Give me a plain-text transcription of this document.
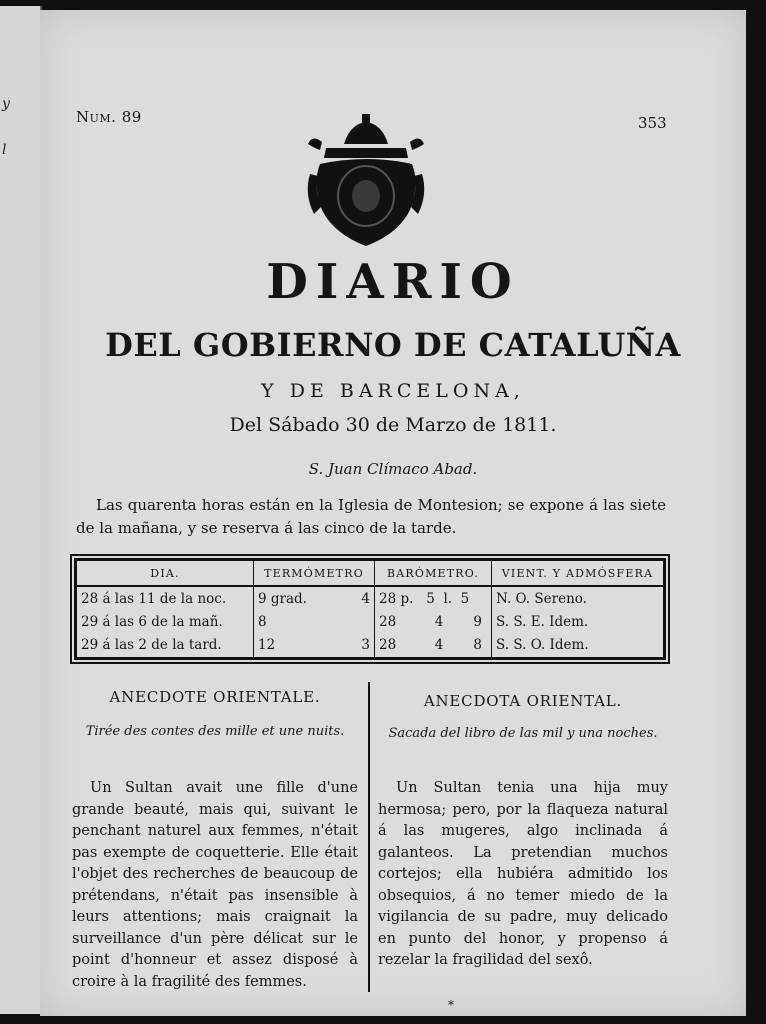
y
l
Num. 89	353
DIARIO
DEL GOBIERNO DE CATALUÑA
Y DE BARCELONA,
Del Sábado 30 de Marzo de 1811.
S. Juan Clímaco Abad.
Las quarenta horas están en la Iglesia de Montesion; se expone á las siete de la mañana, y se reserva á las cinco de la tarde.
DIA.	TERMÓMETRO		BARÓMETRO.	VIENT. Y ADMÓSFERA
28 á las 11 de la noc.	9 grad.	4	28 p.   5  l.  5	N. O. Sereno.
29 á las 6 de la mañ.	8		28         4       9	S. S. E. Idem.
29 á las 2 de la tard.	12	3	28         4       8	S. S. O. Idem.
ANECDOTE ORIENTALE.
Tirée des contes des mille et une nuits.
Un Sultan avait une fille d'une grande beauté, mais qui, suivant le penchant naturel aux femmes, n'était pas exempte de coquetterie. Elle était l'objet des recherches de beaucoup de prétendans, n'était pas insensible à leurs attentions; mais craignait la surveillance d'un père délicat sur le point d'honneur et assez disposé à croire à la fragilité des femmes.
ANECDOTA ORIENTAL.
Sacada del libro de las mil y una noches.
Un Sultan tenia una hija muy hermosa; pero, por la flaqueza natural á las mugeres, algo inclinada á galanteos. La pretendian muchos cortejos; ella hubiéra admitido los obsequios, á no temer miedo de la vigilancia de su padre, muy delicado en punto del honor, y propenso á rezelar la fragilidad del sexô.
*
